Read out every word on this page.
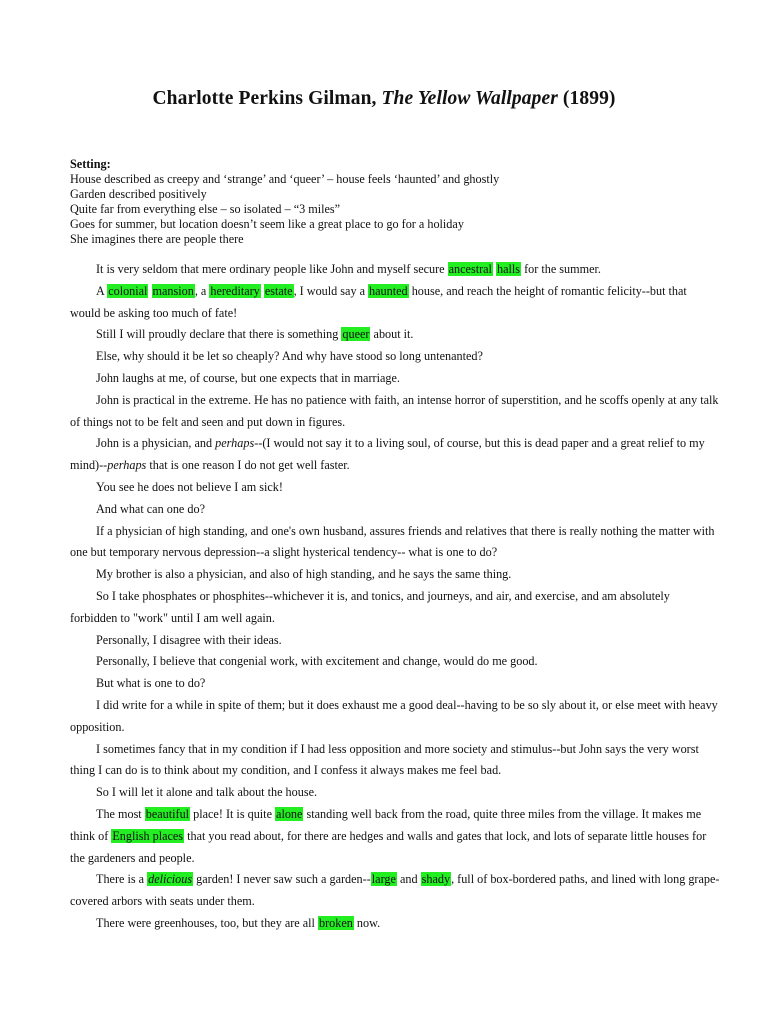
Charlotte Perkins Gilman, The Yellow Wallpaper (1899)
Setting:
House described as creepy and ‘strange’ and ‘queer’ – house feels ‘haunted’ and ghostly
Garden described positively
Quite far from everything else – so isolated – “3 miles”
Goes for summer, but location doesn’t seem like a great place to go for a holiday
She imagines there are people there

It is very seldom that mere ordinary people like John and myself secure ancestral halls for the summer.

A colonial mansion, a hereditary estate, I would say a haunted house, and reach the height of romantic felicity--but that would be asking too much of fate!

Still I will proudly declare that there is something queer about it.

Else, why should it be let so cheaply? And why have stood so long untenanted?

John laughs at me, of course, but one expects that in marriage.

John is practical in the extreme. He has no patience with faith, an intense horror of superstition, and he scoffs openly at any talk of things not to be felt and seen and put down in figures.

John is a physician, and perhaps--(I would not say it to a living soul, of course, but this is dead paper and a great relief to my mind)--perhaps that is one reason I do not get well faster.

You see he does not believe I am sick!

And what can one do?

If a physician of high standing, and one's own husband, assures friends and relatives that there is really nothing the matter with one but temporary nervous depression--a slight hysterical tendency-- what is one to do?

My brother is also a physician, and also of high standing, and he says the same thing.

So I take phosphates or phosphites--whichever it is, and tonics, and journeys, and air, and exercise, and am absolutely forbidden to "work" until I am well again.

Personally, I disagree with their ideas.

Personally, I believe that congenial work, with excitement and change, would do me good.

But what is one to do?

I did write for a while in spite of them; but it does exhaust me a good deal--having to be so sly about it, or else meet with heavy opposition.

I sometimes fancy that in my condition if I had less opposition and more society and stimulus--but John says the very worst thing I can do is to think about my condition, and I confess it always makes me feel bad.

So I will let it alone and talk about the house.

The most beautiful place! It is quite alone standing well back from the road, quite three miles from the village. It makes me think of English places that you read about, for there are hedges and walls and gates that lock, and lots of separate little houses for the gardeners and people.

There is a delicious garden! I never saw such a garden--large and shady, full of box-bordered paths, and lined with long grape-covered arbors with seats under them.

There were greenhouses, too, but they are all broken now.
